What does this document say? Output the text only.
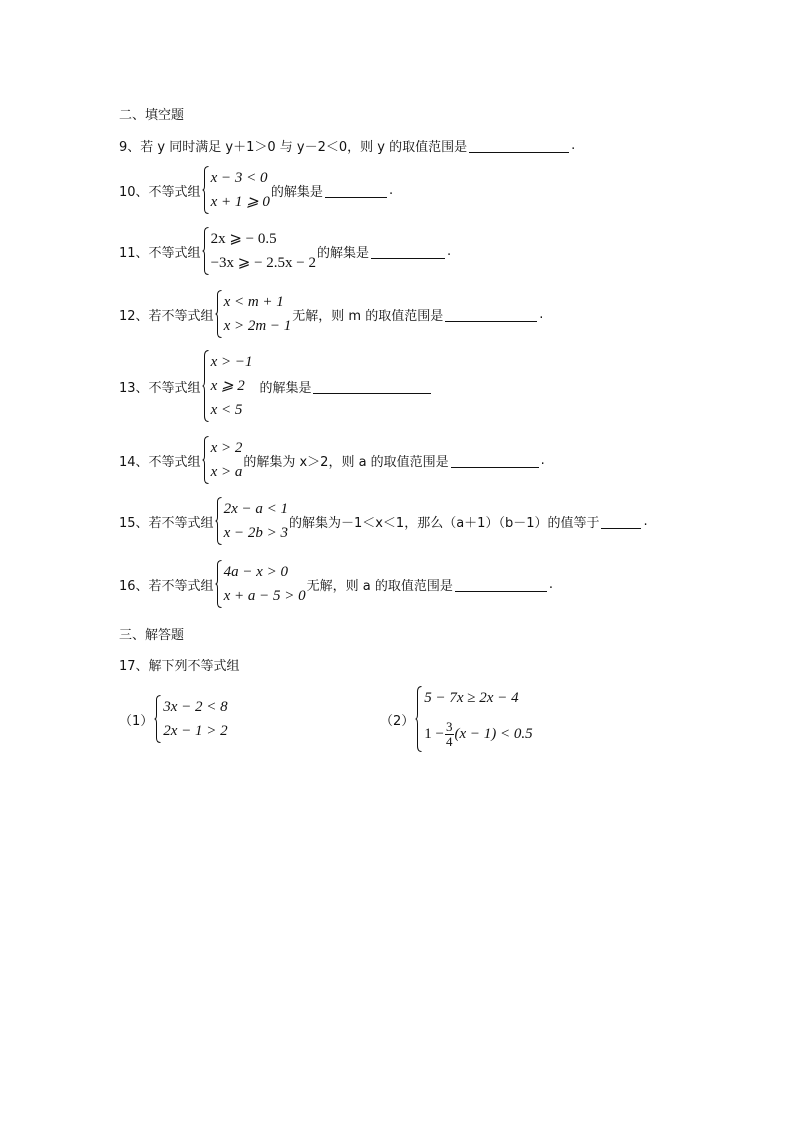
二、填空题
9、 若 y 同时满足 y＋1＞0 与 y－2＜0，则 y 的取值范围是	.
10、 不等式组
x − 3 < 0
x + 1 ⩾ 0
的解集是	.
11、 不等式组
2x ⩾ − 0.5
−3x ⩾ − 2.5x − 2
的解集是	.
12、 若不等式组
x < m + 1
x > 2m − 1
无解，则 m 的取值范围是	.
13、 不等式组
x > −1
x ⩾ 2
x < 5
的解集是
14、 不等式组
x > 2
x > a
的解集为 x＞2，则 a 的取值范围是	.
15、 若不等式组
2x − a < 1
x − 2b > 3
的解集为－1＜x＜1，那么（a＋1）（b－1）的值等于	.
16、 若不等式组
4a − x > 0
x + a − 5 > 0
无解，则 a 的取值范围是	.
三、解答题
17、 解下列不等式组
（1）
3x − 2 < 8
2x − 1 > 2
（2）
5 − 7x ≥ 2x − 4
$1 - \frac{3}{4} (x - 1) < 0.5$
